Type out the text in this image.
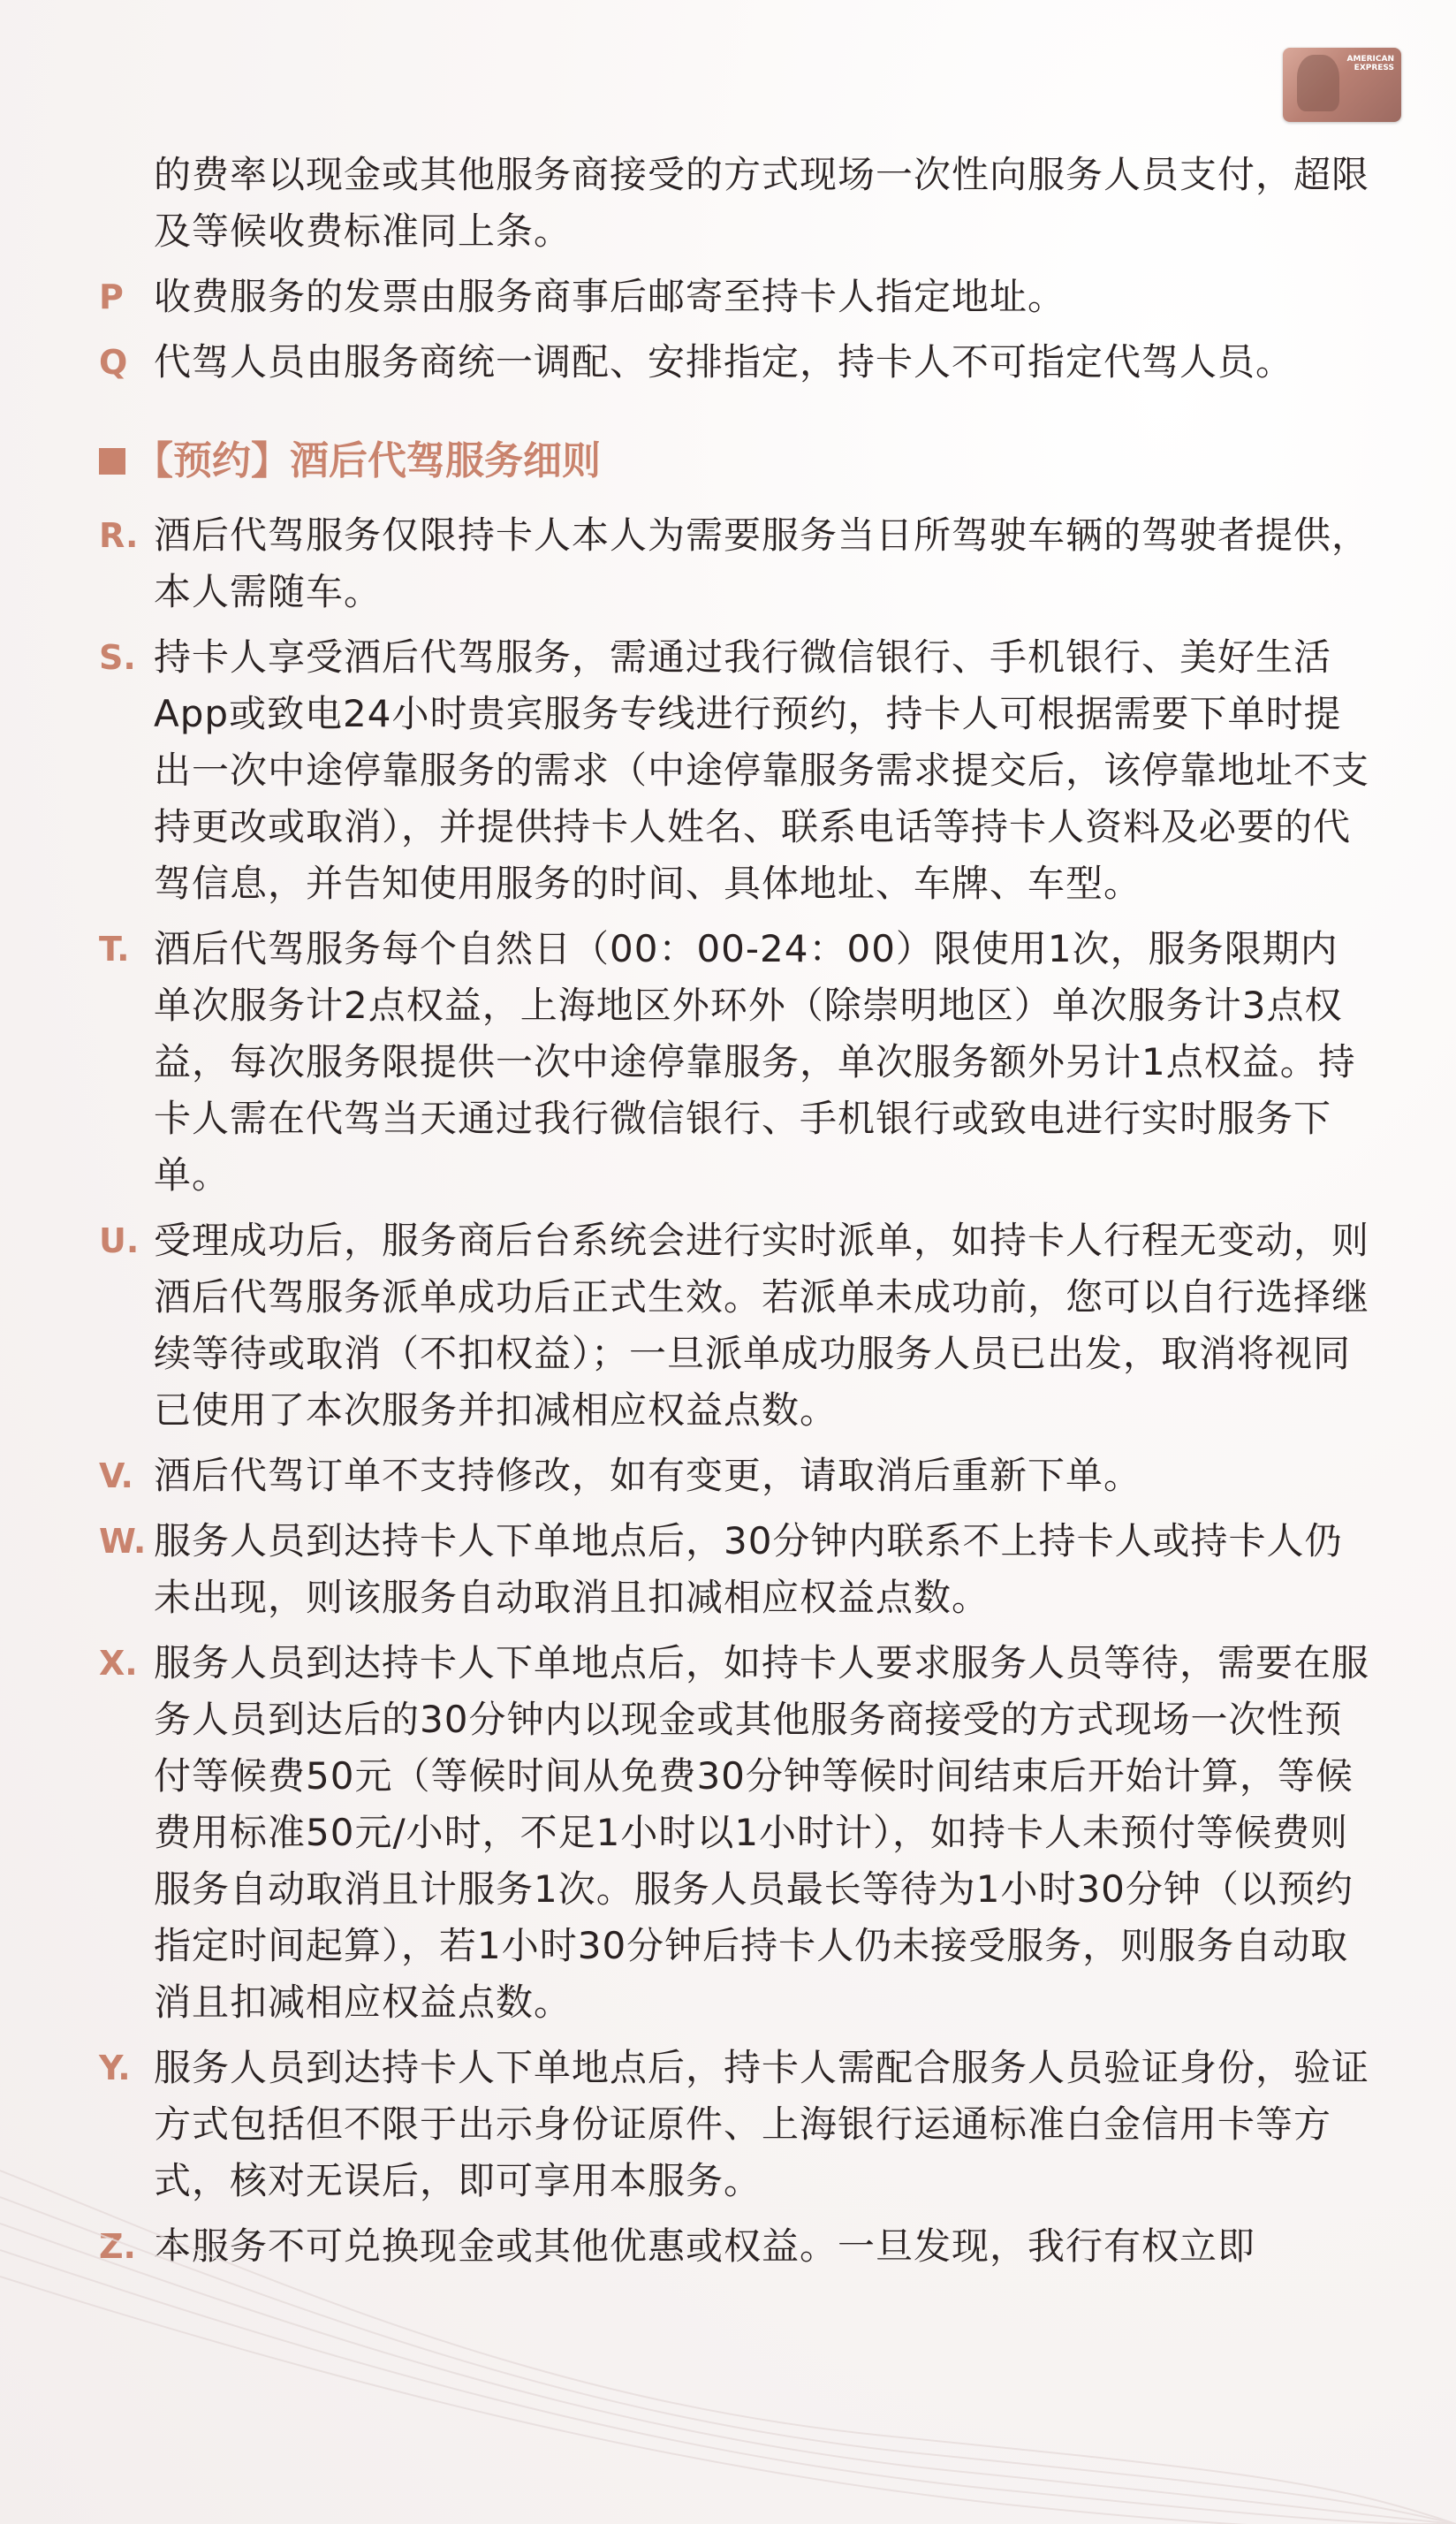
AMERICAN
EXPRESS
的费率以现金或其他服务商接受的方式现场一次性向服务人员支付，超限及等候收费标准同上条。
P 收费服务的发票由服务商事后邮寄至持卡人指定地址。
Q 代驾人员由服务商统一调配、安排指定，持卡人不可指定代驾人员。
【预约】酒后代驾服务细则
R. 酒后代驾服务仅限持卡人本人为需要服务当日所驾驶车辆的驾驶者提供，本人需随车。
S. 持卡人享受酒后代驾服务，需通过我行微信银行、手机银行、美好生活App或致电24小时贵宾服务专线进行预约，持卡人可根据需要下单时提出一次中途停靠服务的需求（中途停靠服务需求提交后，该停靠地址不支持更改或取消），并提供持卡人姓名、联系电话等持卡人资料及必要的代驾信息，并告知使用服务的时间、具体地址、车牌、车型。
T. 酒后代驾服务每个自然日（00：00-24：00）限使用1次，服务限期内单次服务计2点权益，上海地区外环外（除崇明地区）单次服务计3点权益，每次服务限提供一次中途停靠服务，单次服务额外另计1点权益。持卡人需在代驾当天通过我行微信银行、手机银行或致电进行实时服务下单。
U. 受理成功后，服务商后台系统会进行实时派单，如持卡人行程无变动，则酒后代驾服务派单成功后正式生效。若派单未成功前，您可以自行选择继续等待或取消（不扣权益）；一旦派单成功服务人员已出发，取消将视同已使用了本次服务并扣减相应权益点数。
V. 酒后代驾订单不支持修改，如有变更，请取消后重新下单。
W. 服务人员到达持卡人下单地点后，30分钟内联系不上持卡人或持卡人仍未出现，则该服务自动取消且扣减相应权益点数。
X. 服务人员到达持卡人下单地点后，如持卡人要求服务人员等待，需要在服务人员到达后的30分钟内以现金或其他服务商接受的方式现场一次性预付等候费50元（等候时间从免费30分钟等候时间结束后开始计算，等候费用标准50元/小时，不足1小时以1小时计），如持卡人未预付等候费则服务自动取消且计服务1次。服务人员最长等待为1小时30分钟（以预约指定时间起算），若1小时30分钟后持卡人仍未接受服务，则服务自动取消且扣减相应权益点数。
Y. 服务人员到达持卡人下单地点后，持卡人需配合服务人员验证身份，验证方式包括但不限于出示身份证原件、上海银行运通标准白金信用卡等方式，核对无误后，即可享用本服务。
Z. 本服务不可兑换现金或其他优惠或权益。一旦发现，我行有权立即
